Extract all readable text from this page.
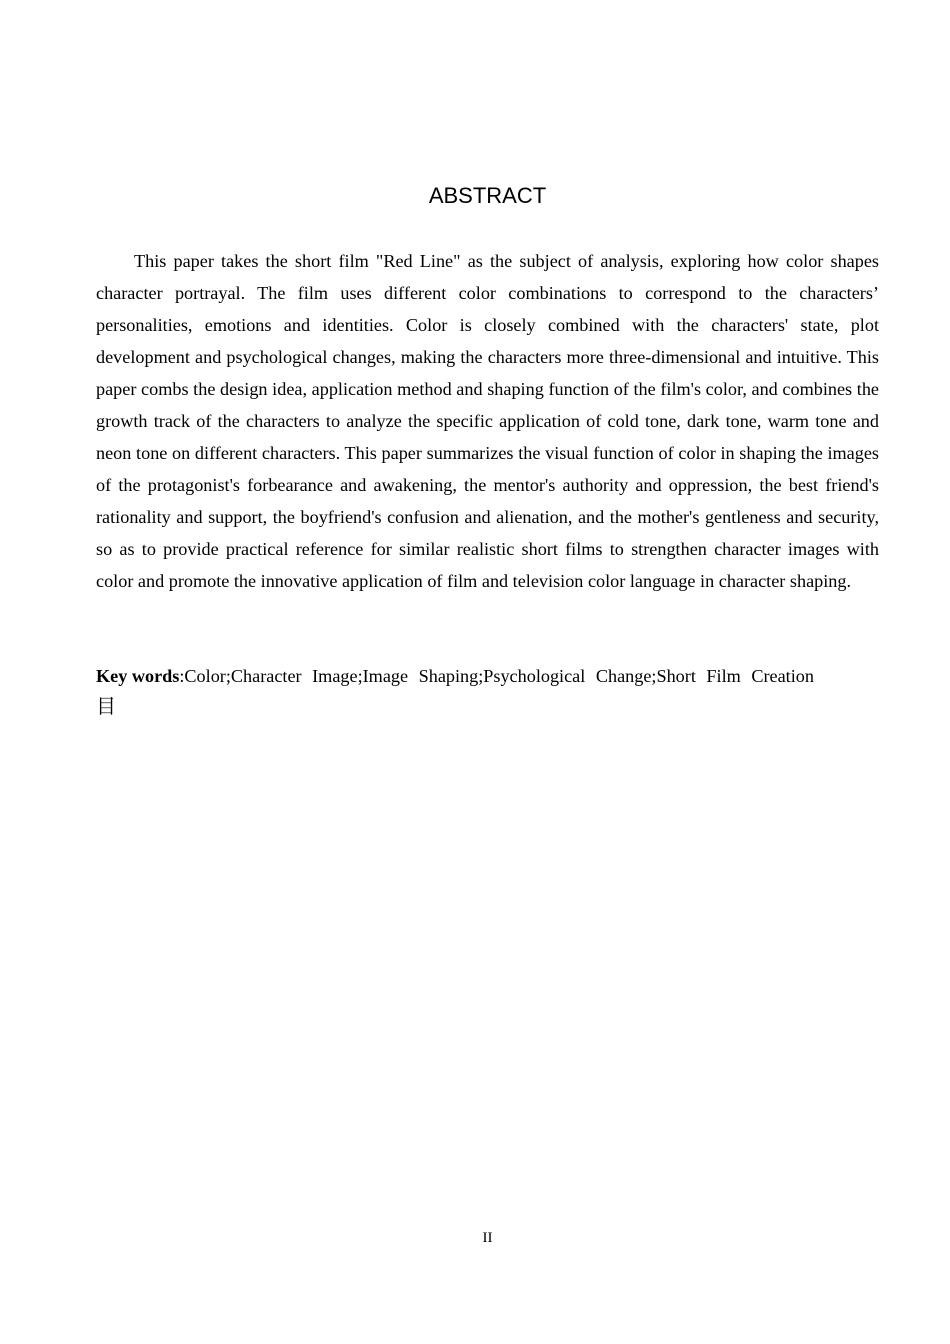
ABSTRACT

This paper takes the short film "Red Line" as the subject of analysis, exploring how color shapes character portrayal. The film uses different color combinations to correspond to the characters’ personalities, emotions and identities. Color is closely combined with the characters' state, plot development and psychological changes, making the characters more three-dimensional and intuitive. This paper combs the design idea, application method and shaping function of the film's color, and combines the growth track of the characters to analyze the specific application of cold tone, dark tone, warm tone and neon tone on different characters. This paper summarizes the visual function of color in shaping the images of the protagonist's forbearance and awakening, the mentor's authority and oppression, the best friend's rationality and support, the boyfriend's confusion and alienation, and the mother's gentleness and security, so as to provide practical reference for similar realistic short films to strengthen character images with color and promote the innovative application of film and television color language in character shaping.

Key words:Color;Character Image;Image Shaping;Psychological Change;Short Film Creation

目

II
